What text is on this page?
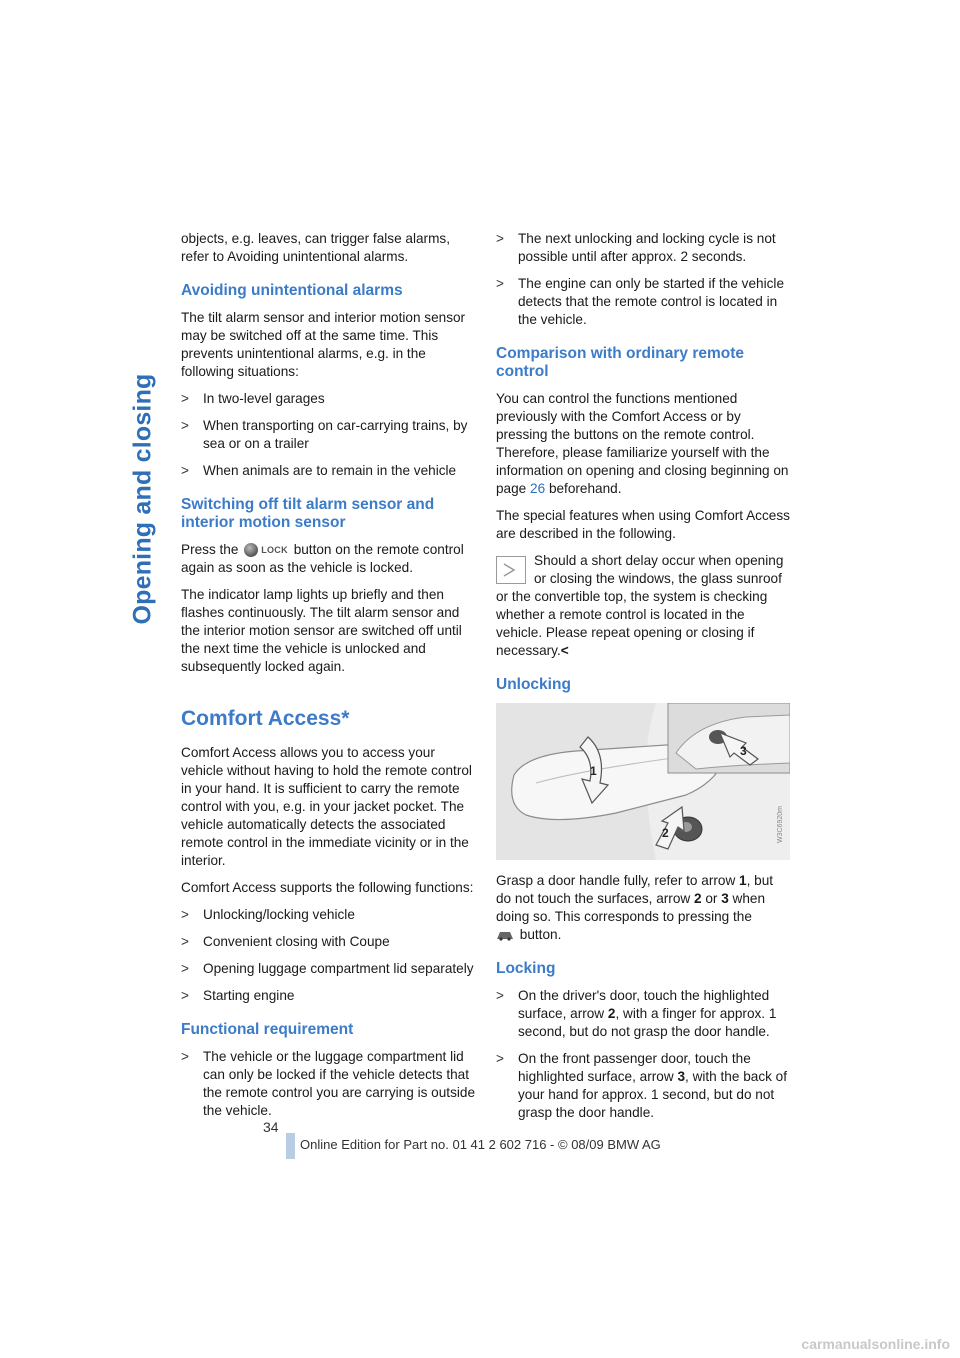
Opening and closing

objects, e.g. leaves, can trigger false alarms, refer to Avoiding unintentional alarms.

Avoiding unintentional alarms

The tilt alarm sensor and interior motion sensor may be switched off at the same time. This prevents unintentional alarms, e.g. in the following situations:

>	In two-level garages
>	When transporting on car-carrying trains, by sea or on a trailer
>	When animals are to remain in the vehicle
Switching off tilt alarm sensor and interior motion sensor

Press the	LOCK button on the remote control again as soon as the vehicle is locked.

The indicator lamp lights up briefly and then flashes continuously. The tilt alarm sensor and the interior motion sensor are switched off until the next time the vehicle is unlocked and subsequently locked again.

Comfort Access*

Comfort Access allows you to access your vehicle without having to hold the remote control in your hand. It is sufficient to carry the remote control with you, e.g. in your jacket pocket. The vehicle automatically detects the associated remote control in the immediate vicinity or in the interior.

Comfort Access supports the following functions:

>	Unlocking/locking vehicle
>	Convenient closing with Coupe
>	Opening luggage compartment lid separately
>	Starting engine
Functional requirement
>	The vehicle or the luggage compartment lid can only be locked if the vehicle detects that the remote control you are carrying is outside the vehicle.
>	The next unlocking and locking cycle is not possible until after approx. 2 seconds.
>	The engine can only be started if the vehicle detects that the remote control is located in the vehicle.
Comparison with ordinary remote control

You can control the functions mentioned previously with the Comfort Access or by pressing the buttons on the remote control. Therefore, please familiarize yourself with the information on opening and closing beginning on page 26 beforehand.

The special features when using Comfort Access are described in the following.

Should a short delay occur when opening or closing the windows, the glass sunroof or the convertible top, the system is checking whether a remote control is located in the vehicle. Please repeat opening or closing if necessary.<

Unlocking
1
2
3
W3C6920m

Grasp a door handle fully, refer to arrow 1, but do not touch the surfaces, arrow 2 or 3 when doing so. This corresponds to pressing the
button.

Locking
>	On the driver's door, touch the highlighted surface, arrow 2, with a finger for approx. 1 second, but do not grasp the door handle.
>	On the front passenger door, touch the highlighted surface, arrow 3, with the back of your hand for approx. 1 second, but do not grasp the door handle.
34
Online Edition for Part no. 01 41 2 602 716 - © 08/09 BMW AG
carmanualsonline.info
